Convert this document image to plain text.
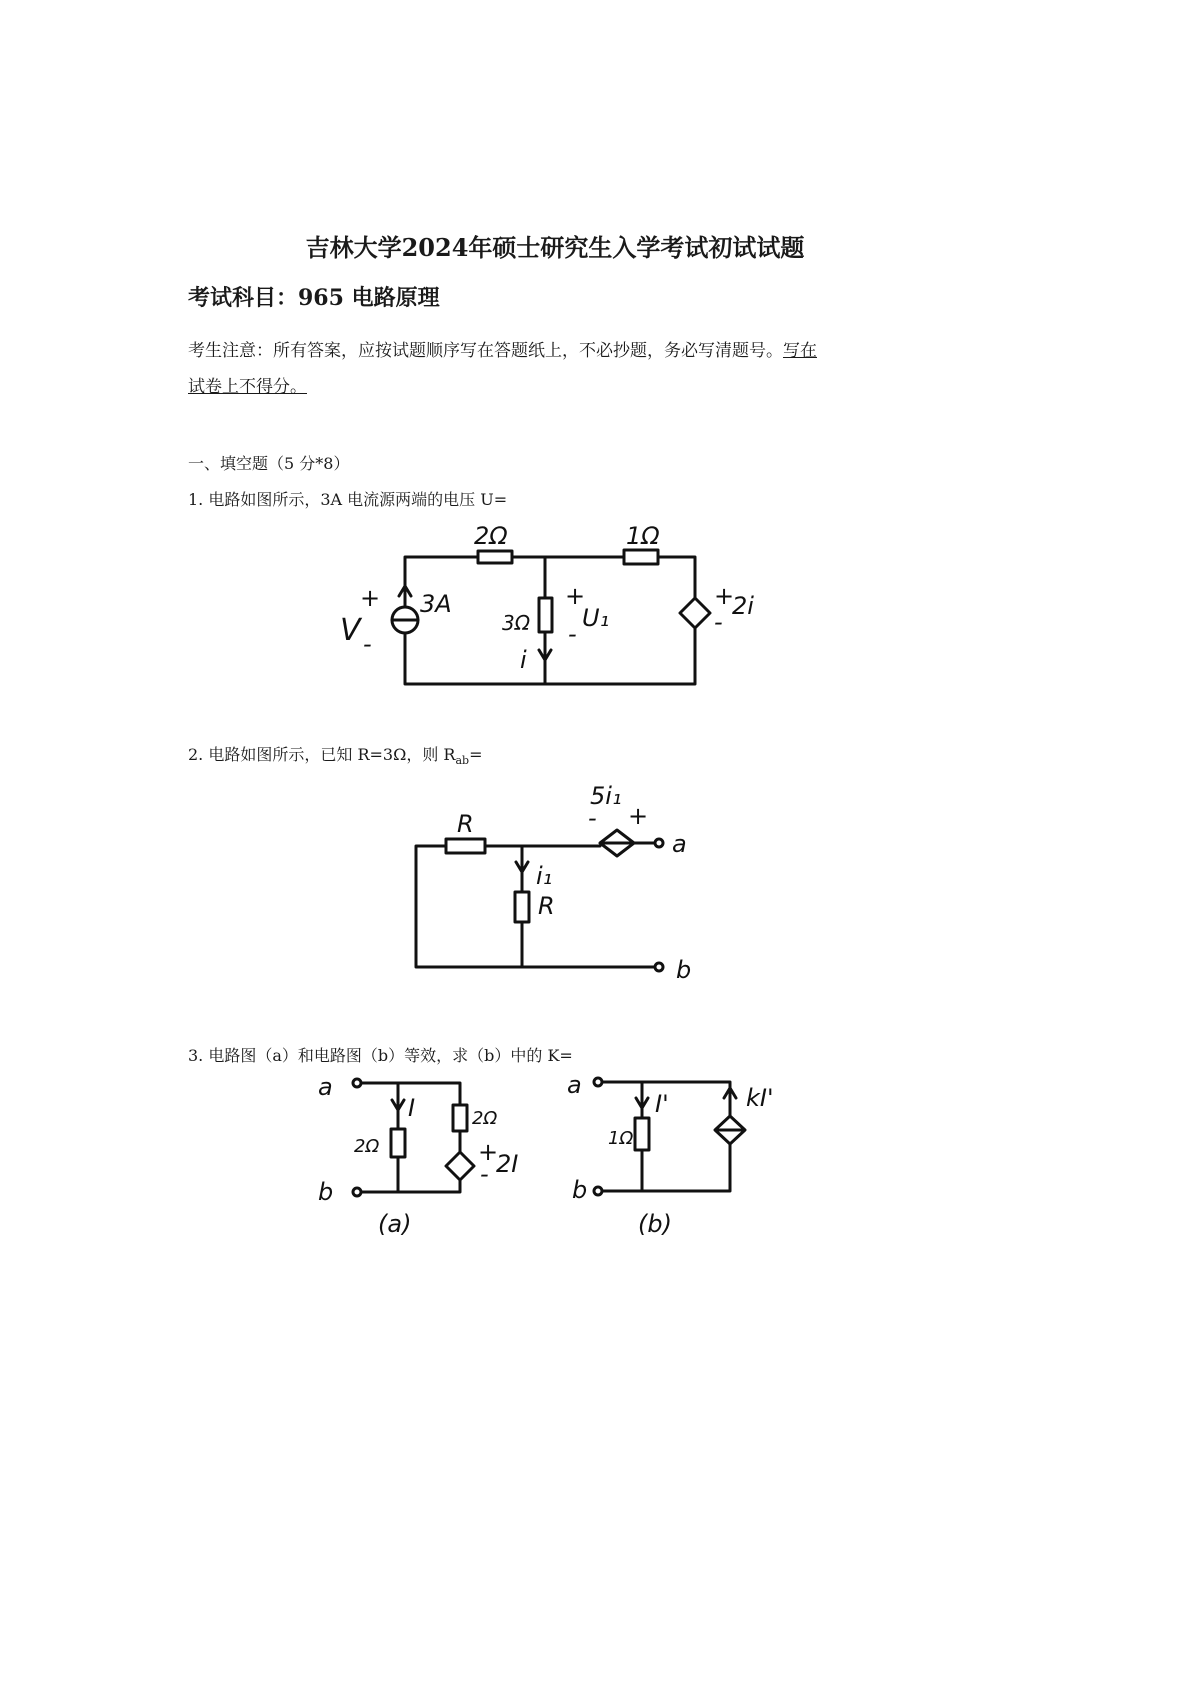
吉林大学2024年硕士研究生入学考试初试试题
考试科目：965 电路原理
考生注意：所有答案，应按试题顺序写在答题纸上，不必抄题，务必写清题号。写在
试卷上不得分。
一、填空题（5 分*8）
1. 电路如图所示，3A 电流源两端的电压 U=
2. 电路如图所示，已知 R=3Ω，则 $R_{ab}=$
3. 电路图（a）和电路图（b）等效，求（b）中的 K=
2Ω	1Ω
3A
V
+
-
3Ω
+
U₁
-
i
+
-
2i
R
R
i₁
5i₁
- +
a
b
a
b
I
2Ω
2Ω
+
- 2I
(a)
a
b
I'
1Ω
kI'
(b)
